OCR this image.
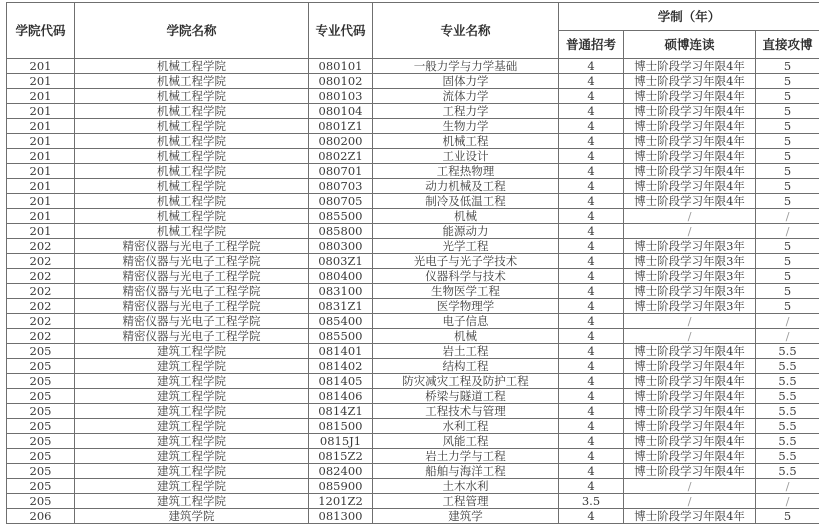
学院代码	学院名称	专业代码	专业名称	学制（年）		
				普通招考	硕博连读	直接攻博
201	机械工程学院	080101	一般力学与力学基础	4	博士阶段学习年限4年	5
201	机械工程学院	080102	固体力学	4	博士阶段学习年限4年	5
201	机械工程学院	080103	流体力学	4	博士阶段学习年限4年	5
201	机械工程学院	080104	工程力学	4	博士阶段学习年限4年	5
201	机械工程学院	0801Z1	生物力学	4	博士阶段学习年限4年	5
201	机械工程学院	080200	机械工程	4	博士阶段学习年限4年	5
201	机械工程学院	0802Z1	工业设计	4	博士阶段学习年限4年	5
201	机械工程学院	080701	工程热物理	4	博士阶段学习年限4年	5
201	机械工程学院	080703	动力机械及工程	4	博士阶段学习年限4年	5
201	机械工程学院	080705	制冷及低温工程	4	博士阶段学习年限4年	5
201	机械工程学院	085500	机械	4	/	/
201	机械工程学院	085800	能源动力	4	/	/
202	精密仪器与光电子工程学院	080300	光学工程	4	博士阶段学习年限3年	5
202	精密仪器与光电子工程学院	0803Z1	光电子与光子学技术	4	博士阶段学习年限3年	5
202	精密仪器与光电子工程学院	080400	仪器科学与技术	4	博士阶段学习年限3年	5
202	精密仪器与光电子工程学院	083100	生物医学工程	4	博士阶段学习年限3年	5
202	精密仪器与光电子工程学院	0831Z1	医学物理学	4	博士阶段学习年限3年	5
202	精密仪器与光电子工程学院	085400	电子信息	4	/	/
202	精密仪器与光电子工程学院	085500	机械	4	/	/
205	建筑工程学院	081401	岩土工程	4	博士阶段学习年限4年	5.5
205	建筑工程学院	081402	结构工程	4	博士阶段学习年限4年	5.5
205	建筑工程学院	081405	防灾减灾工程及防护工程	4	博士阶段学习年限4年	5.5
205	建筑工程学院	081406	桥梁与隧道工程	4	博士阶段学习年限4年	5.5
205	建筑工程学院	0814Z1	工程技术与管理	4	博士阶段学习年限4年	5.5
205	建筑工程学院	081500	水利工程	4	博士阶段学习年限4年	5.5
205	建筑工程学院	0815J1	风能工程	4	博士阶段学习年限4年	5.5
205	建筑工程学院	0815Z2	岩土力学与工程	4	博士阶段学习年限4年	5.5
205	建筑工程学院	082400	船舶与海洋工程	4	博士阶段学习年限4年	5.5
205	建筑工程学院	085900	土木水利	4	/	/
205	建筑工程学院	1201Z2	工程管理	3.5	/	/
206	建筑学院	081300	建筑学	4	博士阶段学习年限4年	5
